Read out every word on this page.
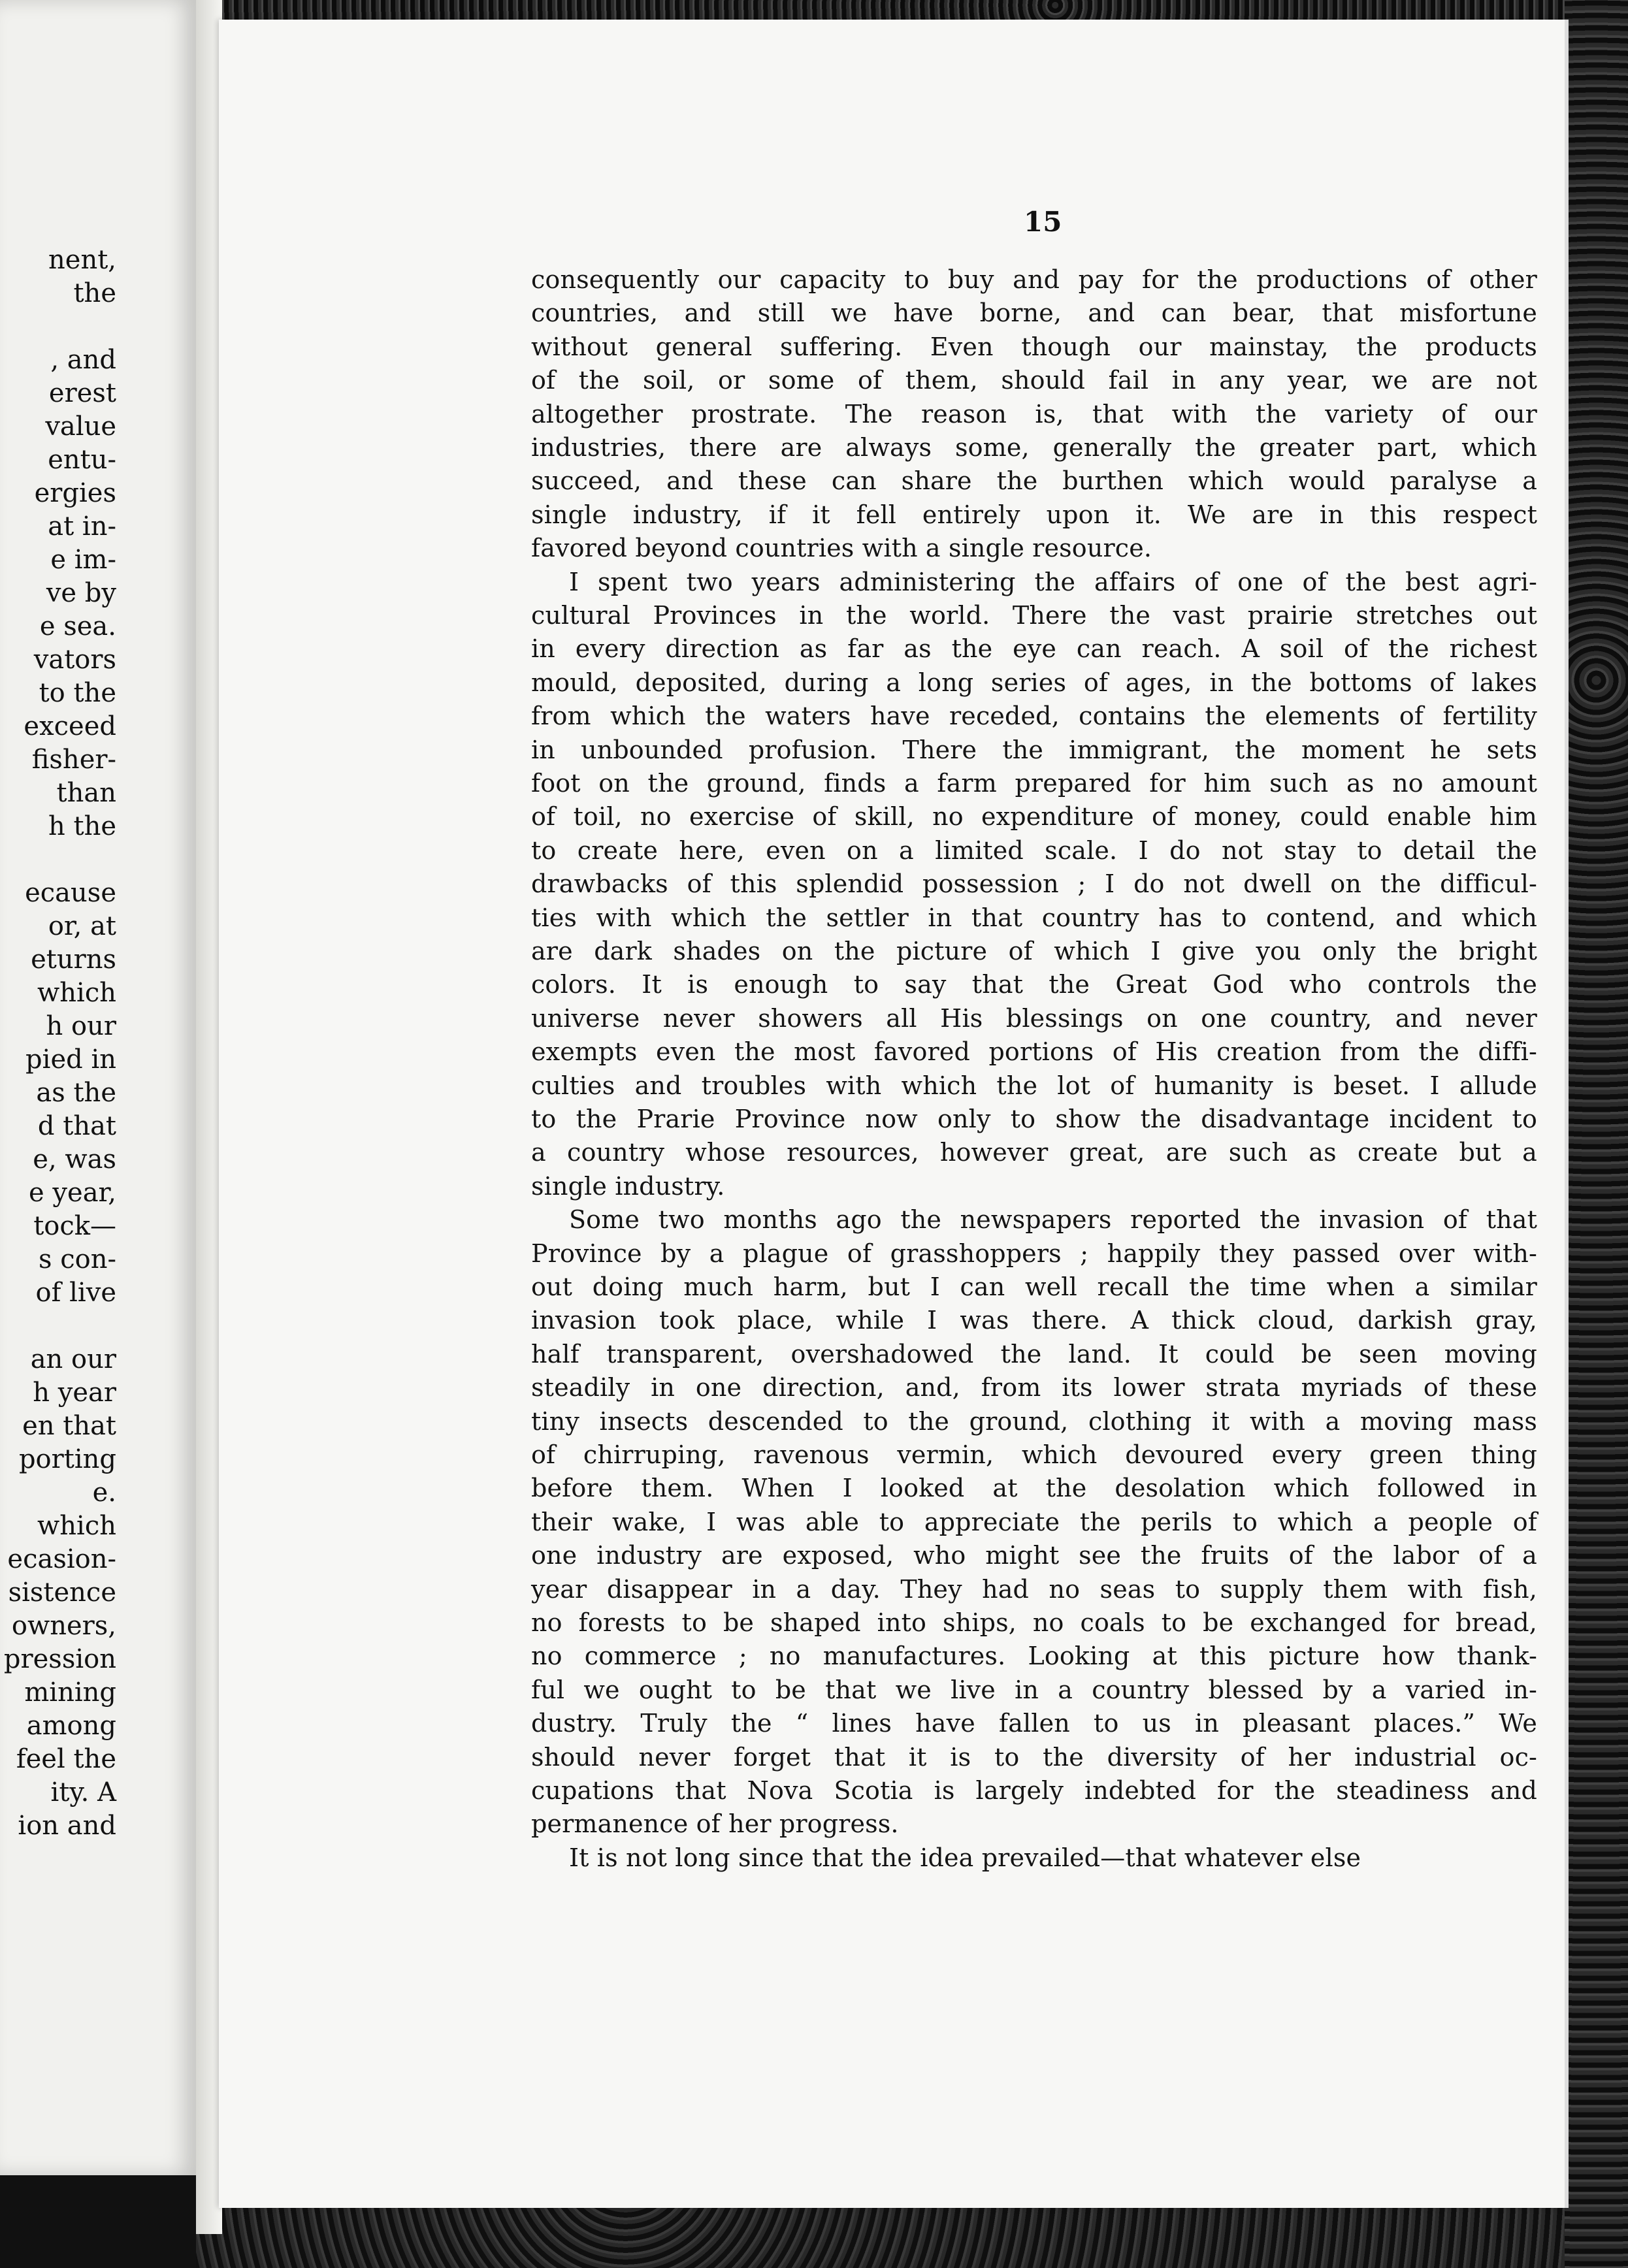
nent,
the
, and
erest
value
entu-
ergies
at in-
e im-
ve by
e sea.
vators
to the
exceed
fisher-
than
h the
ecause
or, at
eturns
which
h our
pied in
as the
d that
e, was
e year,
tock—
s con-
of live
an our
h year
en that
porting
e.
which
ecasion-
sistence
owners,
pression
mining
among
feel the
ity. A
ion and
15
consequently our capacity to buy and pay for the productions of other
countries, and still we have borne, and can bear, that misfortune
without general suffering. Even though our mainstay, the products
of the soil, or some of them, should fail in any year, we are not
altogether prostrate. The reason is, that with the variety of our
industries, there are always some, generally the greater part, which
succeed, and these can share the burthen which would paralyse a
single industry, if it fell entirely upon it. We are in this respect
favored beyond countries with a single resource.
I spent two years administering the affairs of one of the best agri-
cultural Provinces in the world. There the vast prairie stretches out
in every direction as far as the eye can reach. A soil of the richest
mould, deposited, during a long series of ages, in the bottoms of lakes
from which the waters have receded, contains the elements of fertility
in unbounded profusion. There the immigrant, the moment he sets
foot on the ground, finds a farm prepared for him such as no amount
of toil, no exercise of skill, no expenditure of money, could enable him
to create here, even on a limited scale. I do not stay to detail the
drawbacks of this splendid possession ; I do not dwell on the difficul-
ties with which the settler in that country has to contend, and which
are dark shades on the picture of which I give you only the bright
colors. It is enough to say that the Great God who controls the
universe never showers all His blessings on one country, and never
exempts even the most favored portions of His creation from the diffi-
culties and troubles with which the lot of humanity is beset. I allude
to the Prarie Province now only to show the disadvantage incident to
a country whose resources, however great, are such as create but a
single industry.
Some two months ago the newspapers reported the invasion of that
Province by a plague of grasshoppers ; happily they passed over with-
out doing much harm, but I can well recall the time when a similar
invasion took place, while I was there. A thick cloud, darkish gray,
half transparent, overshadowed the land. It could be seen moving
steadily in one direction, and, from its lower strata myriads of these
tiny insects descended to the ground, clothing it with a moving mass
of chirruping, ravenous vermin, which devoured every green thing
before them. When I looked at the desolation which followed in
their wake, I was able to appreciate the perils to which a people of
one industry are exposed, who might see the fruits of the labor of a
year disappear in a day. They had no seas to supply them with fish,
no forests to be shaped into ships, no coals to be exchanged for bread,
no commerce ; no manufactures. Looking at this picture how thank-
ful we ought to be that we live in a country blessed by a varied in-
dustry. Truly the “ lines have fallen to us in pleasant places.” We
should never forget that it is to the diversity of her industrial oc-
cupations that Nova Scotia is largely indebted for the steadiness and
permanence of her progress.
It is not long since that the idea prevailed—that whatever else
